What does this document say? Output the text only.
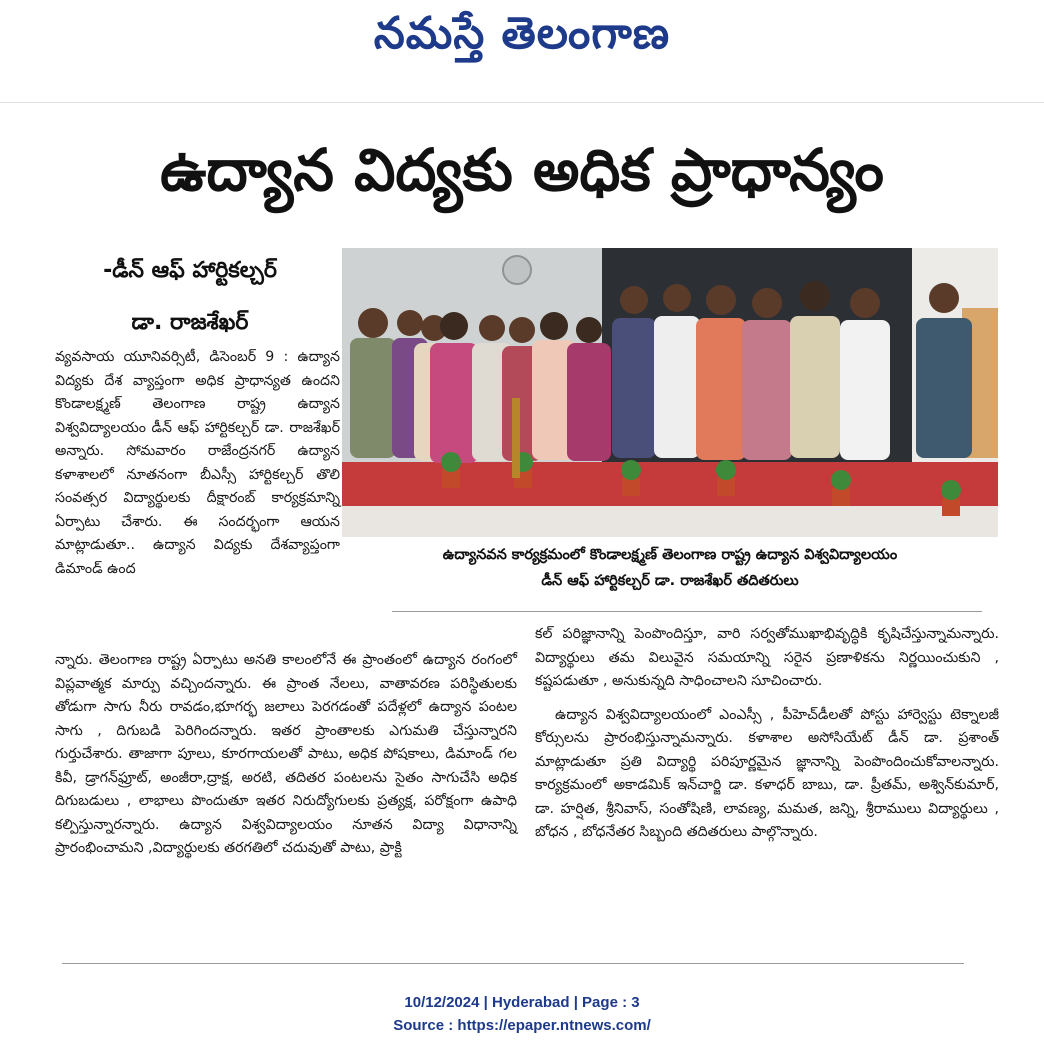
నమస్తే తెలంగాణ
ఉద్యాన విద్యకు అధిక ప్రాధాన్యం
-డీన్ ఆఫ్ హార్టికల్చర్
డా. రాజశేఖర్
ఉద్యానవన కార్యక్రమంలో కొండాలక్ష్మణ్ తెలంగాణ రాష్ట్ర ఉద్యాన విశ్వవిద్యాలయం
డీన్ ఆఫ్ హార్టికల్చర్ డా. రాజశేఖర్ తదితరులు

వ్యవసాయ యూనివర్సిటీ, డిసెంబర్ 9 : ఉద్యాన విద్యకు దేశ వ్యాప్తంగా అధిక ప్రాధాన్యత ఉందని కొండాలక్ష్మణ్ తెలంగాణ రాష్ట్ర ఉద్యాన విశ్వవిద్యాలయం డీన్ ఆఫ్ హార్టికల్చర్ డా. రాజశేఖర్ అన్నారు. సోమవారం రాజేంద్రనగర్ ఉద్యాన కళాశాలలో నూతనంగా బీఎస్సీ హార్టికల్చర్ తొలి సంవత్సర విద్యార్థులకు దీక్షారంబ్ కార్యక్రమాన్ని ఏర్పాటు చేశారు. ఈ సందర్భంగా ఆయన మాట్లాడుతూ.. ఉద్యాన విద్యకు దేశవ్యాప్తంగా డిమాండ్ ఉంద

న్నారు. తెలంగాణ రాష్ట్ర ఏర్పాటు అనతి కాలంలోనే ఈ ప్రాంతంలో ఉద్యాన రంగంలో విప్లవాత్మక మార్పు వచ్చిందన్నారు. ఈ ప్రాంత నేలలు, వాతావరణ పరిస్థితులకు తోడుగా సాగు నీరు రావడం,భూగర్భ జలాలు పెరగడంతో పదేళ్లలో ఉద్యాన పంటల సాగు , దిగుబడి పెరిగిందన్నారు. ఇతర ప్రాంతాలకు ఎగుమతి చేస్తున్నారని గుర్తుచేశారు. తాజాగా పూలు, కూరగాయలతో పాటు, అధిక పోషకాలు, డిమాండ్ గల కివీ, డ్రాగన్‌ఫ్రూట్, అంజీరా,ద్రాక్ష, అరటి, తదితర పంటలను సైతం సాగుచేసి అధిక దిగుబడులు , లాభాలు పొందుతూ ఇతర నిరుద్యోగులకు ప్రత్యక్ష, పరోక్షంగా ఉపాధి కల్పిస్తున్నారన్నారు. ఉద్యాన విశ్వవిద్యాలయం నూతన విద్యా విధానాన్ని ప్రారంభించామని ,విద్యార్థులకు తరగతిలో చదువుతో పాటు, ప్రాక్టి

కల్ పరిజ్ఞానాన్ని పెంపొందిస్తూ, వారి సర్వతోముఖాభివృద్ధికి కృషిచేస్తున్నామన్నారు. విద్యార్థులు తమ విలువైన సమయాన్ని సరైన ప్రణాళికను నిర్ణయించుకుని , కష్టపడుతూ , అనుకున్నది సాధించాలని సూచించారు.

ఉద్యాన విశ్వవిద్యాలయంలో ఎంఎస్సీ , పీహెచ్‌డీలతో పోస్టు హార్వెస్టు టెక్నాలజీ కోర్సులను ప్రారంభిస్తున్నామన్నారు. కళాశాల అసోసియేట్ డీన్ డా. ప్రశాంత్ మాట్లాడుతూ ప్రతి విద్యార్థి పరిపూర్ణమైన జ్ఞానాన్ని పెంపొందించుకోవాలన్నారు. కార్యక్రమంలో అకాడమిక్ ఇన్‌చార్జి డా. కళాధర్ బాబు, డా. ప్రీతమ్, అశ్విన్‌కుమార్, డా. హర్షిత, శ్రీనివాస్, సంతోషిణి, లావణ్య, మమత, జన్ని, శ్రీరాములు విద్యార్థులు , బోధన , బోధనేతర సిబ్బంది తదితరులు పాల్గొన్నారు.

10/12/2024 | Hyderabad | Page : 3
Source : https://epaper.ntnews.com/
